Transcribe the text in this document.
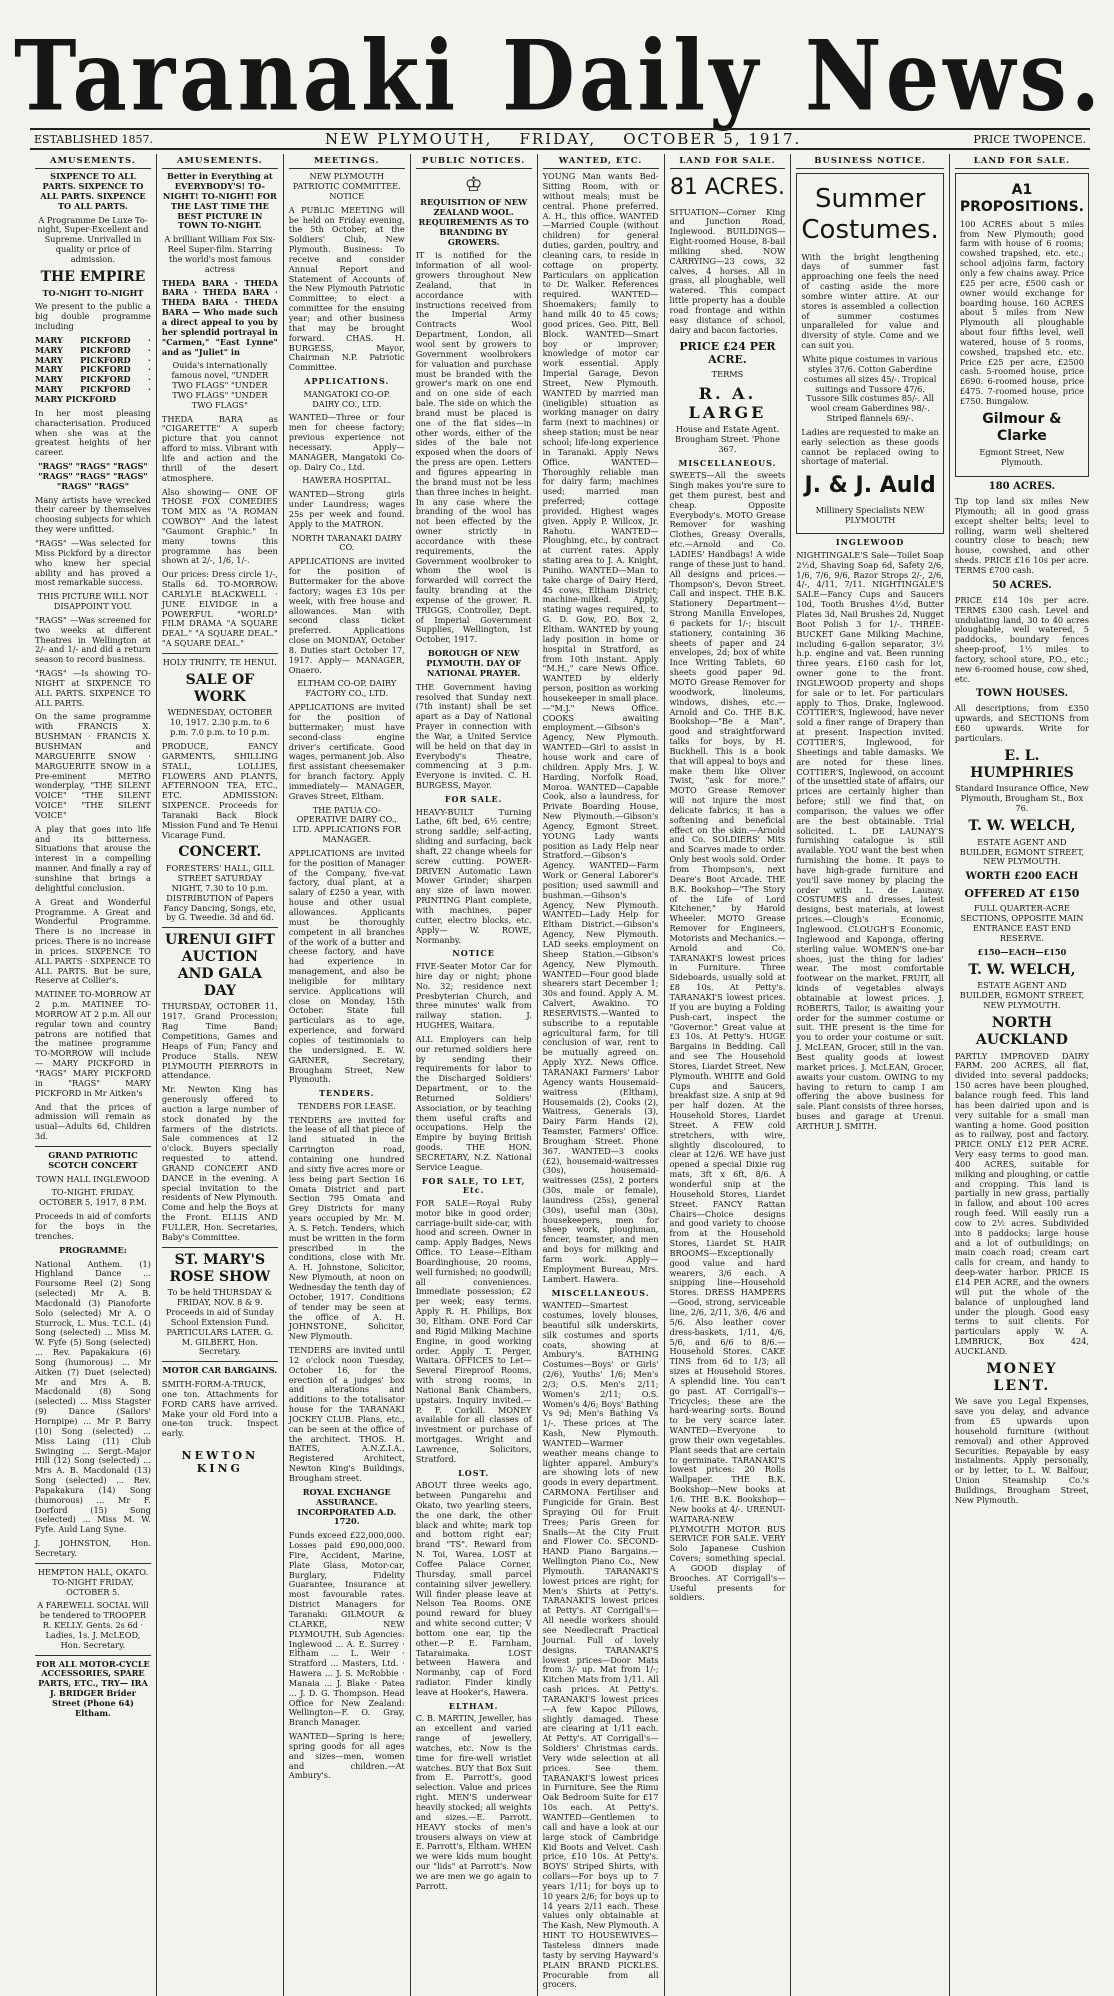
Taranaki Daily News.
ESTABLISHED 1857.	NEW PLYMOUTH, FRIDAY, OCTOBER 5, 1917.	PRICE TWOPENCE.
AMUSEMENTS.
SIXPENCE TO ALL PARTS. SIXPENCE TO ALL PARTS. SIXPENCE TO ALL PARTS.
A Programme De Luxe To-night, Super-Excellent and Supreme. Unrivalled in quality or price of admission.
THE EMPIRE
TO-NIGHT TO-NIGHT
We present to the public a big double programme including
MARY PICKFORD · MARY PICKFORD · MARY PICKFORD · MARY PICKFORD · MARY PICKFORD · MARY PICKFORD · MARY PICKFORD
In her most pleasing characterisation. Produced when she was at the greatest heights of her career.
"RAGS" "RAGS" "RAGS" "RAGS" "RAGS" "RAGS" "RAGS" "RAGS"
Many artists have wrecked their career by themselves choosing subjects for which they were unfitted.
"RAGS" —Was selected for Miss Pickford by a director who knew her special ability and has proved a most remarkable success.
THIS PICTURE WILL NOT DISAPPOINT YOU.
"RAGS" —Was screened for two weeks at different Theatres in Wellington at 2/- and 1/- and did a return season to record business.
"RAGS" —Is showing TO-NIGHT at SIXPENCE TO ALL PARTS. SIXPENCE TO ALL PARTS.
On the same programme with FRANCIS X. BUSHMAN · FRANCIS X. BUSHMAN and MARGUERITE SNOW · MARGUERITE SNOW in a Pre-eminent METRO wonderplay, "THE SILENT VOICE" "THE SILENT VOICE" "THE SILENT VOICE"
A play that goes into life and its bitterness. Situations that arouse the interest in a compelling manner. And finally a ray of sunshine that brings a delightful conclusion.
A Great and Wonderful Programme. A Great and Wonderful Programme. There is no increase in prices. There is no increase in prices. SIXPENCE TO ALL PARTS · SIXPENCE TO ALL PARTS. But be sure, Reserve at Collier's.
MATINEE TO-MORROW AT 2 p.m. MATINEE TO-MORROW AT 2 p.m. All our regular town and country patrons are notified that the matinee programme TO-MORROW will include— MARY PICKFORD in "RAGS" MARY PICKFORD in "RAGS" MARY PICKFORD in Mr Aitken's
And that the prices of admission will remain as usual—Adults 6d, Children 3d.
GRAND PATRIOTIC SCOTCH CONCERT
TOWN HALL INGLEWOOD
TO-NIGHT. FRIDAY, OCTOBER 5, 1917, 8 P.M.
Proceeds in aid of comforts for the boys in the trenches.
PROGRAMME:
National Anthem. (1) Highland Dance ... Foursome Reel (2) Song (selected) Mr A. B. Macdonald (3) Pianoforte Solo (selected) Mr A. O Sturrock, L. Mus. T.C.L. (4) Song (selected) ... Miss M. W. Fyfe (5) Song (selected) ... Rev. Papakakura (6) Song (humorous) ... Mr Aitken (7) Duet (selected) Mr and Mrs A. B. Macdonald (8) Song (selected) ... Miss Stagster (9) Dance (Sailors' Hornpipe) ... Mr P. Barry (10) Song (selected) ... Miss Laing (11) Club Swinging ... Sergt.-Major Hill (12) Song (selected) ... Mrs A. B. Macdonald (13) Song (selected) ... Rev. Papakakura (14) Song (humorous) ... Mr F. Dorford (15) Song (selected) ... Miss M. W. Fyfe. Auld Lang Syne.
J. JOHNSTON, Hon. Secretary.
HEMPTON HALL, OKATO. TO-NIGHT FRIDAY, OCTOBER 5.
A FAREWELL SOCIAL Will be tendered to TROOPER R. KELLY. Gents. 2s 6d · Ladies, 1s. J. McLEOD, Hon. Secretary.
FOR ALL MOTOR-CYCLE ACCESSORIES, SPARE PARTS, ETC., TRY— IRA J. BRIDGER Brider Street (Phone 64) Eltham.
AMUSEMENTS.
Better in Everything at EVERYBODY'S! TO-NIGHT! TO-NIGHT! FOR THE LAST TIME THE BEST PICTURE IN TOWN TO-NIGHT.
A brilliant William Fox Six-Reel Super-film. Starring the world's most famous actress
THEDA BARA · THEDA BARA · THEDA BARA · THEDA BARA · THEDA BARA — Who made such a direct appeal to you by her splendid portrayal in "Carmen," "East Lynne" and as "Juliet" in
Ouida's internationally famous novel, "UNDER TWO FLAGS" "UNDER TWO FLAGS" "UNDER TWO FLAGS"
THEDA BARA as "CIGARETTE" A superb picture that you cannot afford to miss. Vibrant with life and action and the thrill of the desert atmosphere.
Also showing— ONE OF THOSE FOX COMEDIES TOM MIX as "A ROMAN COWBOY" And the latest "Gaumont Graphic." In many towns this programme has been shown at 2/-, 1/6, 1/-.
Our prices: Dress circle 1/-, Stalls 6d. TO-MORROW: CARLYLE BLACKWELL · JUNE ELVIDGE in a POWERFUL "WORLD" FILM DRAMA "A SQUARE DEAL." "A SQUARE DEAL." "A SQUARE DEAL."
HOLY TRINITY, TE HENUI.
SALE OF WORK
WEDNESDAY, OCTOBER 10, 1917. 2.30 p.m. to 6 p.m. 7.0 p.m. to 10 p.m.
PRODUCE, FANCY GARMENTS, SHILLING STALL, LOLLIES, FLOWERS AND PLANTS, AFTERNOON TEA, ETC., ETC. ADMISSION: SIXPENCE. Proceeds for Taranaki Back Block Mission Fund and Te Henui Vicarage Fund.
CONCERT.
FORESTERS' HALL, GILL STREET SATURDAY NIGHT, 7.30 to 10 p.m. DISTRIBUTION of Papers Fancy Dancing, Songs, etc, by G. Tweedie. 3d and 6d.
URENUI GIFT AUCTION AND GALA DAY
THURSDAY, OCTOBER 11, 1917. Grand Procession; Rag Time Band; Competitions, Games and Heaps of Fun; Fancy and Produce Stalls. NEW PLYMOUTH PIERROTS in attendance.
Mr. Newton King has generously offered to auction a large number of stock donated by the farmers of the districts. Sale commences at 12 o'clock. Buyers specially requested to attend. GRAND CONCERT AND DANCE in the evening. A special invitation to the residents of New Plymouth. Come and help the Boys at the Front. ELLIS AND FULLER, Hon. Secretaries, Baby's Committee.
ST. MARY'S ROSE SHOW
To be held THURSDAY & FRIDAY, NOV. 8 & 9. Proceeds in aid of Sunday School Extension Fund. PARTICULARS LATER. G. M. GILBERT, Hon. Secretary.
MOTOR CAR BARGAINS.
SMITH-FORM-A-TRUCK, one ton. Attachments for FORD CARS have arrived. Make your old Ford into a one-ton truck. Inspect early.
NEWTON KING
MEETINGS.
NEW PLYMOUTH PATRIOTIC COMMITTEE. NOTICE
A PUBLIC MEETING will be held on Friday evening, the 5th October, at the Soldiers' Club, New Plymouth. Business: To receive and consider Annual Report and Statement of Accounts of the New Plymouth Patriotic Committee; to elect a committee for the ensuing year; and other business that may be brought forward. CHAS. H. BURGESS, Mayor, Chairman N.P. Patriotic Committee.
APPLICATIONS.
MANGATOKI CO-OP. DAIRY CO., LTD.
WANTED—Three or four men for cheese factory; previous experience not necessary. Apply— MANAGER, Mangatoki Co-op. Dairy Co., Ltd.
HAWERA HOSPITAL.
WANTED—Strong girls under Laundress; wages 25s per week and found. Apply to the MATRON.
NORTH TARANAKI DAIRY CO.
APPLICATIONS are invited for the position of Buttermaker for the above factory; wages £3 10s per week, with free house and allowances. Man with second class ticket preferred. Applications close on MONDAY, October 8. Duties start October 17, 1917. Apply— MANAGER, Onaero.
ELTHAM CO-OP. DAIRY FACTORY CO., LTD.
APPLICATIONS are invited for the position of buttermaker; must have second-class engine driver's certificate. Good wages, permanent job. Also first assistant cheesemaker for branch factory. Apply immediately— MANAGER, Graves Street, Eltham.
THE PATUA CO-OPERATIVE DAIRY CO., LTD. APPLICATIONS FOR MANAGER.
APPLICATIONS are invited for the position of Manager of the Company, five-vat factory, dual plant, at a salary of £250 a year, with house and other usual allowances. Applicants must be thoroughly competent in all branches of the work of a butter and cheese factory, and have had experience in management, and also be ineligible for military service. Applications will close on Monday, 15th October. State full particulars as to age, experience, and forward copies of testimonials to the undersigned. E. W. GARNER, Secretary, Brougham Street, New Plymouth.
TENDERS.
TENDERS FOR LEASE.
TENDERS are invited for the lease of all that piece of land situated in the Carrington road, containing one hundred and sixty five acres more or less being part Section 16 Omata District and part Section 795 Omata and Grey Districts for many years occupied by Mr. M. A. S. Fetch. Tenders, which must be written in the form prescribed in the conditions, close with Mr. A. H. Johnstone, Solicitor, New Plymouth, at noon on Wednesday the tenth day of October, 1917. Conditions of tender may be seen at the office of A. H. JOHNSTONE, Solicitor, New Plymouth.
TENDERS are invited until 12 o'clock noon Tuesday, October 16, for the erection of a judges' box and alterations and additions to the totalisator house for the TARANAKI JOCKEY CLUB. Plans, etc., can be seen at the office of the architect. THOS. H. BATES, A.N.Z.I.A., Registered Architect, Newton King's Buildings, Brougham street.
ROYAL EXCHANGE ASSURANCE. INCORPORATED A.D. 1720.
Funds exceed £22,000,000. Losses paid £90,000,000. Fire, Accident, Marine, Plate Glass, Motor-car, Burglary, Fidelity Guarantee, Insurance at most favourable rates. District Managers for Taranaki: GILMOUR & CLARKE, NEW PLYMOUTH. Sub Agencies: Inglewood ... A. E. Surrey · Eltham ... L. Weir · Stratford ... Masters, Ltd. · Hawera ... J. S. McRobbie · Manaia ... J. Blake · Patea ... J. D. G. Thompson. Head Office for New Zealand: Wellington—F. O. Gray, Branch Manager.
WANTED—Spring is here; spring goods for all ages and sizes—men, women and children.—At Ambury's.
PUBLIC NOTICES.
♔
REQUISITION OF NEW ZEALAND WOOL. REQUIREMENTS AS TO BRANDING BY GROWERS.
IT is notified for the information of all wool-growers throughout New Zealand, that in accordance with instructions received from the Imperial Army Contracts Wool Department, London, all wool sent by growers to Government woolbrokers for valuation and purchase must be branded with the grower's mark on one end and on one side of each bale. The side on which the brand must be placed is one of the flat sides—in other words, either of the sides of the bale not exposed when the doors of the press are open. Letters and figures appearing in the brand must not be less than three inches in height. In any case where the branding of the wool has not been effected by the owner strictly in accordance with these requirements, the Government woolbroker to whom the wool is forwarded will correct the faulty branding at the expense of the grower. R. TRIGGS, Controller, Dept. of Imperial Government Supplies, Wellington, 1st October, 1917.
BOROUGH OF NEW PLYMOUTH. DAY OF NATIONAL PRAYER.
THE Government having resolved that Sunday next (7th instant) shall be set apart as a Day of National Prayer in connection with the War, a United Service will be held on that day in Everybody's Theatre, commencing at 3 p.m. Everyone is invited. C. H. BURGESS, Mayor.
FOR SALE.
HEAVY-BUILT Turning Lathe, 6ft bed, 6½ centre; strong saddle; self-acting, sliding and surfacing, back shaft, 22 change wheels for screw cutting. POWER-DRIVEN Automatic Lawn Mower Grinder; sharpen any size of lawn mower. PRINTING Plant complete, with machines, paper cutter, electro blocks, etc. Apply— W. ROWE, Normanby.
NOTICE
FIVE-Seater Motor Car for hire day or night; phone No. 32; residence next Presbyterian Church, and three minutes' walk from railway station. J. HUGHES, Waitara.
ALL Employers can help our returned soldiers here by sending their requirements for labor to the Discharged Soldiers' Department, or to the Returned Soldiers' Association, or by teaching them useful crafts and occupations. Help the Empire by buying British goods. THE HON. SECRETARY, N.Z. National Service League.
FOR SALE, TO LET, Etc.
FOR SALE—Royal Ruby motor bike in good order; carriage-built side-car, with hood and screen. Owner in camp. Apply Badges, News Office. TO Lease—Eltham Boardinghouse, 20 rooms, well furnished; no goodwill; all conveniences. Immediate possession; £2 per week; easy terms. Apply R. H. Phillips, Box 30, Eltham. ONE Ford Car and Rigid Milking Machine Engine, in good working order. Apply T. Perger, Waitara. OFFICES to Let—Several Fireproof Rooms, with strong rooms, in National Bank Chambers, upstairs. Inquiry invited.—P. F. Corkill. MONEY available for all classes of investment or purchase of mortgages. Wright and Lawrence, Solicitors, Stratford.
LOST.
ABOUT three weeks ago, between Pungarehu and Okato, two yearling steers, the one dark, the other black and white; mark top and bottom right ear; brand "TS". Reward from N. Toi, Warea. LOST at Coffee Palace Corner, Thursday, small parcel containing silver jewellery. Will finder please leave at Nelson Tea Rooms. ONE pound reward for bluey and white second cutter; V bottom one ear, tip the other.—P. E. Farnham, Tataraimaka. LOST between Hawera and Normanby, cap of Ford radiator. Finder kindly leave at Hooker's, Hawera.
ELTHAM.
C. B. MARTIN, Jeweller, has an excellent and varied range of jewellery, watches, etc. Now is the time for fire-well wristlet watches. BUY that Box Suit from E. Parrott's, good selection. Value and prices right. MEN'S underwear heavily stocked; all weights and sizes.—E. Parrott. HEAVY stocks of men's trousers always on view at E. Parrott's, Eltham. WHEN we were kids mum bought our "lids" at Parrott's. Now we are men we go again to Parrott.
WANTED, ETC.
YOUNG Man wants Bed-Sitting Room, with or without meals; must be central. Phone preferred. A. H., this office. WANTED—Married Couple (without children) for general duties, garden, poultry, and cleaning cars, to reside in cottage on property. Particulars on application to Dr. Walker. References required. WANTED—Shoemakers; family to hand milk 40 to 45 cows; good prices. Geo. Pitt, Bell Block. WANTED—Smart boy or improver; knowledge of motor car work essential. Apply Imperial Garage, Devon Street, New Plymouth. WANTED by married man (ineligible) situation as working manager on dairy farm (next to machines) or sheep station; must be near school; life-long experience in Taranaki. Apply News Office. WANTED—Thoroughly reliable man for dairy farm; machines used; married man preferred; cottage provided. Highest wages given. Apply P. Willcox, Jr. Rahotu. WANTED—Ploughing, etc., by contract at current rates. Apply stating area to J. A. Knight, Puniho. WANTED—Man to take charge of Dairy Herd, 45 cows, Eltham District; machine-milked. Apply, stating wages required, to G. D. Gow, P.O. Box 2, Eltham. WANTED by young lady position in home or hospital in Stratford, as from 10th instant. Apply "M.H.," care News Office. WANTED by elderly person, position as working housekeeper in small place.—"M.J." News Office. COOKS awaiting employment.—Gibson's Agency, New Plymouth. WANTED—Girl to assist in house work and care of children. Apply Mrs. J. W. Harding, Norfolk Road, Moroa. WANTED—Capable Cook, also a laundress, for Private Boarding House, New Plymouth.—Gibson's Agency, Egmont Street. YOUNG Lady wants position as Lady Help near Stratford.—Gibson's Agency. WANTED—Farm Work or General Laborer's position; used sawmill and bushman.—Gibson's Agency, New Plymouth. WANTED—Lady Help for Eltham District.—Gibson's Agency, New Plymouth. LAD seeks employment on Sheep Station.—Gibson's Agency, New Plymouth. WANTED—Four good blade shearers start December 1; 30s and found. Apply A. M. Calvert, Awakino. TO RESERVISTS.—Wanted to subscribe to a reputable agricultural farm, for till conclusion of war, rent to be mutually agreed on. Apply XYZ. News Office. TARANAKI Farmers' Labor Agency wants Housemaid-waitress (Eltham), Housemaids (2), Cooks (2), Waitress, Generals (3), Dairy Farm Hands (2), Teamster, Farmers' Office. Brougham Street. Phone 367. WANTED—3 cooks (£2), housemaid-waitresses (30s), housemaid-waitresses (25s), 2 porters (30s, male or female), laundress (25s), general (30s), useful man (30s), housekeepers, men for sheep work, ploughman, fencer, teamster, and men and boys for milking and farm work. Apply— Employment Bureau, Mrs. Lambert. Hawera.
MISCELLANEOUS.
WANTED—Smartest costumes, lovely blouses, beautiful silk underskirts, silk costumes and sports coats, showing at Ambury's. BATHING Costumes—Boys' or Girls' (2/6), Youths' 1/6; Men's 2/3; O.S. Men's 2/11; Women's 2/11; O.S. Women's 4/6; Boys' Bathing Vs 9d; Men's Bathing Vs 1/-. These prices at The Kash, New Plymouth. WANTED—Warmer weather means change to lighter apparel. Ambury's are showing lots of new goods in every department. CARMONA Fertiliser and Fungicide for Grain. Best Spraying Oil for Fruit Trees; Paris Green for Snails—At the City Fruit and Flower Co. SECOND-HAND Piano Bargains.—Wellington Piano Co., New Plymouth. TARANAKI'S lowest prices are right; for Men's Shirts at Petty's. TARANAKI'S lowest prices at Petty's. AT Corrigall's—All needle workers should see Needlecraft Practical Journal. Full of lovely designs. TARANAKI'S lowest prices—Door Mats from 3/- up. Mat from 1/-; Kitchen Mats from 1/11. All cash prices. At Petty's. TARANAKI'S lowest prices—A few Kapoc Pillows, slightly damaged. These are clearing at 1/11 each. At Petty's. AT Corrigall's—Soldiers' Christmas cards. Very wide selection at all prices. See them. TARANAKI'S lowest prices in Furniture. See the Rimu Oak Bedroom Suite for £17 10s each. At Petty's. WANTED—Gentlemen to call and have a look at our large stock of Cambridge Kid Boots and Velvet. Cash price, £10 10s. At Petty's. BOYS' Striped Shirts, with collars—For boys up to 7 years 1/11; for boys up to 10 years 2/6; for boys up to 14 years 2/11 each. These values only obtainable at The Kash, New Plymouth. A HINT TO HOUSEWIVES—Tasteless dinners made tasty by serving Hayward's PLAIN BRAND PICKLES. Procurable from all grocers.
LAND FOR SALE.
81 ACRES.
SITUATION—Corner King and Junction Road, Inglewood. BUILDINGS—Eight-roomed House, 8-bail milking shed. NOW CARRYING—23 cows, 32 calves, 4 horses. All in grass, all ploughable, well watered. This compact little property has a double road frontage and within easy distance of school, dairy and bacon factories.
PRICE £24 PER ACRE.
TERMS
R. A. LARGE
House and Estate Agent. Brougham Street. 'Phone 367.
MISCELLANEOUS.
SWEETS—All the sweets Singh makes you're sure to get them purest, best and cheap. Opposite Everybody's. MOTO Grease Remover for washing Clothes, Greasy Overalls, etc.—Arnold and Co. LADIES' Handbags! A wide range of these just to hand. All designs and prices.—Thompson's, Devon Street. Call and inspect. THE B.K. Stationery Department—Strong Manilla Envelopes, 6 packets for 1/-; biscuit stationery, containing 36 sheets of paper and 24 envelopes, 2d; box of white Ince Writing Tablets, 60 sheets good paper 9d. MOTO Grease Remover for woodwork, linoleums, windows, dishes, etc.—Arnold and Co. THE B.K. Bookshop—"Be a Man", good and straightforward talks for boys, by H. Buckhell. This is a book that will appeal to boys and make them like Oliver Twist, "ask for more." MOTO Grease Remover will not injure the most delicate fabrics; it has a softening and beneficial effect on the skin.—Arnold and Co. SOLDIERS' Mits and Scarves made to order. Only best wools sold. Order from Thompson's, next Deare's Boot Arcade. THE B.K. Bookshop—"The Story of the Life of Lord Kitchener," by Harold Wheeler. MOTO Grease Remover for Engineers, Motorists and Mechanics.—Arnold and Co. TARANAKI'S lowest prices in Furniture. Three Sideboards, usually sold at £8 10s. At Petty's. TARANAKI'S lowest prices. If you are buying a Folding Push-cart, inspect the "Governor." Great value at £3 10s. At Petty's. HUGE Bargains in Bedding. Call and see The Household Stores, Liardet Street, New Plymouth. WHITE and Gold Cups and Saucers, breakfast size. A snip at 9d per half dozen. At the Household Stores, Liardet Street. A FEW cold stretchers, with wire, slightly discoloured, to clear at 12/6. WE have just opened a special Dixie rug mats, 3ft x 6ft, 8/6. A wonderful snip at the Household Stores, Liardet Street. FANCY Rattan Chairs—Choice designs and good variety to choose from at the Household Stores, Liardet St. HAIR BROOMS—Exceptionally good value and hard wearers, 3/6 each. A snipping line—Household Stores. DRESS HAMPERS—Good, strong, serviceable line, 2/6, 2/11, 3/6, 4/6 and 5/6. Also leather cover dress-baskets, 1/11, 4/6, 5/6, and 6/6 to 8/6.—Household Stores. CAKE TINS from 6d to 1/3; all sizes at Household Stores. A splendid line. You can't go past. AT Corrigall's—Tricycles; these are the hard-wearing sorts. Bound to be very scarce later. WANTED—Everyone to grow their own vegetables. Plant seeds that are certain to germinate. TARANAKI'S lowest prices: 20 Rolls Wallpaper. THE B.K. Bookshop—New books at 1/6. THE B.K. Bookshop—New books at 4/-. URENUI-WAITARA-NEW PLYMOUTH MOTOR BUS SERVICE FOR SALE. VERY Solo Japanese Cushion Covers; something special. A GOOD display of Brooches. AT Corrigall's—Useful presents for soldiers.
BUSINESS NOTICE.
Summer Costumes.
With the bright lengthening days of summer fast approaching one feels the need of casting aside the more sombre winter attire. At our stores is assembled a collection of summer costumes unparalleled for value and diversity of style. Come and we can suit you.
White pique costumes in various styles 37/6. Cotton Gaberdine costumes all sizes 45/-. Tropical suitings and Tussore 47/6. Tussore Silk costumes 85/-. All wool cream Gaberdines 98/-. Striped flannels 69/-.
Ladies are requested to make an early selection as these goods cannot be replaced owing to shortage of material.
J. & J. Auld
Millinery Specialists NEW PLYMOUTH
INGLEWOOD
NIGHTINGALE'S Sale—Toilet Soap 2½d, Shaving Soap 6d, Safety 2/6, 1/6, 7/6, 9/6, Razor Strops 2/-, 2/6, 4/-, 4/11, 7/11. NIGHTINGALE'S SALE—Fancy Cups and Saucers 10d, Tooth Brushes 4½d, Butter Plates 3d, Nail Brushes 2d, Nugget Boot Polish 3 for 1/-. THREE-BUCKET Gane Milking Machine, including 6-gallon separator, 3½ h.p. engine and vat. Been running three years. £160 cash for lot, owner gone to the front. INGLEWOOD property and shops for sale or to let. For particulars apply to Thos. Drake, Inglewood. COTTIER'S, Inglewood, have never sold a finer range of Drapery than at present. Inspection invited. COTTIER'S, Inglewood, for Sheetings and table damasks. We are noted for these lines. COTTIER'S, Inglewood, on account of the unsettled state of affairs, our prices are certainly higher than before; still we find that, on comparison, the values we offer are the best obtainable. Trial solicited. L. DE LAUNAY'S furnishing catalogue is still available. YOU want the best when furnishing the home. It pays to have high-grade furniture and you'll save money by placing the order with L. de Launay. COSTUMES and dresses, latest designs, best materials, at lowest prices.—Clough's Economic, Inglewood. CLOUGH'S Economic, Inglewood and Kaponga, offering sterling value. WOMEN'S one-bar shoes, just the thing for ladies' wear. The most comfortable footwear on the market. FRUIT, all kinds of vegetables always obtainable at lowest prices. J. ROBERTS, Tailor, is awaiting your order for the summer costume or suit. THE present is the time for you to order your costume or suit. J. McLEAN, Grocer, still in the van. Best quality goods at lowest market prices. J. McLEAN, Grocer, awaits your custom. OWING to my having to return to camp I am offering the above business for sale. Plant consists of three horses, buses and garage at Urenui. ARTHUR J. SMITH.
LAND FOR SALE.
A1 PROPOSITIONS.
100 ACRES about 5 miles from New Plymouth; good farm with house of 6 rooms; cowshed trapshed, etc. etc.; school adjoins farm, factory only a few chains away. Price £25 per acre, £500 cash or owner would exchange for boarding house. 160 ACRES about 5 miles from New Plymouth all ploughable about four fifths level, well watered, house of 5 rooms, cowshed, trapshed etc. etc. Price £25 per acre, £2500 cash. 5-roomed house, price £690. 6-roomed house, price £475. 7-roomed house, price £750. Bungalow.
Gilmour & Clarke
Egmont Street, New Plymouth.
180 ACRES.
Tip top land six miles New Plymouth; all in good grass except shelter belts; level to rolling, warm well sheltered country close to beach; new house, cowshed, and other sheds. PRICE £16 10s per acre. TERMS £700 cash.
50 ACRES.
PRICE £14 10s per acre. TERMS £300 cash. Level and undulating land, 30 to 40 acres ploughable, well watered, 5 paddocks, boundary fences sheep-proof, 1½ miles to factory, school store, P.O., etc.; new 6-roomed house, cow shed, etc.
TOWN HOUSES.
All descriptions, from £350 upwards, and SECTIONS from £60 upwards. Write for particulars.
E. L. HUMPHRIES
Standard Insurance Office, New Plymouth, Brougham St., Box 76.
T. W. WELCH,
ESTATE AGENT AND BUILDER, EGMONT STREET, NEW PLYMOUTH.
WORTH £200 EACH
OFFERED AT £150
FULL QUARTER-ACRE SECTIONS, OPPOSITE MAIN ENTRANCE EAST END RESERVE.
£150—EACH—£150
T. W. WELCH,
ESTATE AGENT AND BUILDER, EGMONT STREET, NEW PLYMOUTH.
NORTH AUCKLAND
PARTLY IMPROVED DAIRY FARM. 200 ACRES, all flat, divided into several paddocks; 150 acres have been ploughed, balance rough feed. This land has been dairied upon and is very suitable for a small man wanting a home. Good position as to railway, post and factory. PRICE ONLY £12 PER ACRE. Very easy terms to good man. 400 ACRES, suitable for milking and ploughing, or cattle and cropping. This land is partially in new grass, partially in fallow, and about 100 acres rough feed. Will easily run a cow to 2½ acres. Subdivided into 8 paddocks; large house and a lot of outbuildings; on main coach road; cream cart calls for cream, and handy to deep-water harbor. PRICE IS £14 PER ACRE, and the owners will put the whole of the balance of unploughed land under the plough. Good easy terms to suit clients. For particulars apply W. A. LIMBRICK, Box 424, AUCKLAND.
MONEY LENT.
We save you Legal Expenses, save you delay, and advance from £5 upwards upon household furniture (without removal) and other Approved Securities. Repayable by easy instalments. Apply personally, or by letter, to L. W. Balfour, Union Steamship Co.'s Buildings, Brougham Street, New Plymouth.
